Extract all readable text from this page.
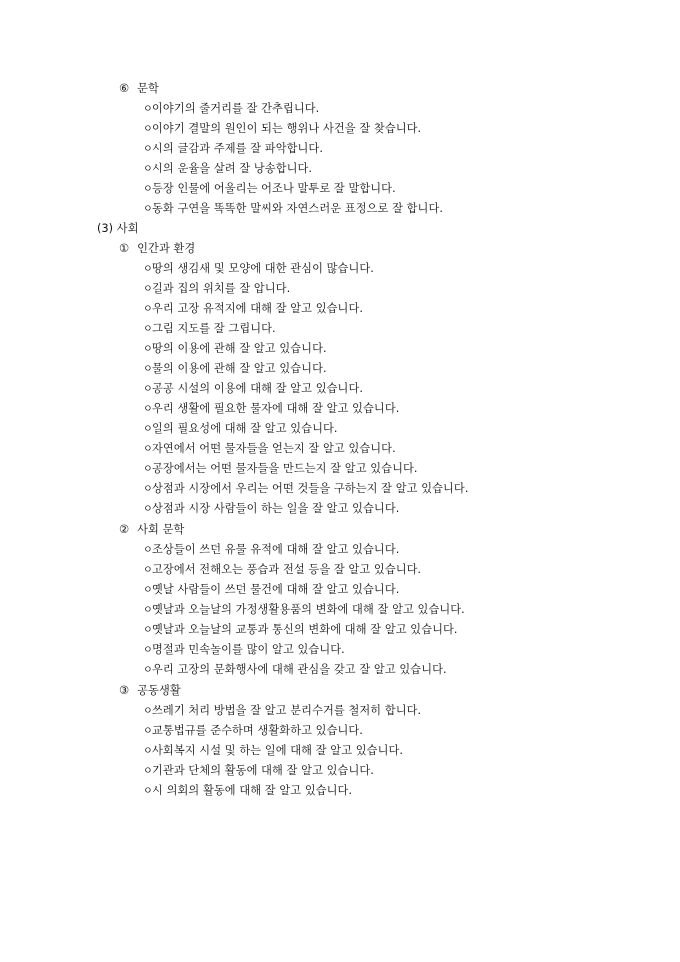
⑥ 문학
ㅇ이야기의 줄거리를 잘 간추립니다.
ㅇ이야기 결말의 원인이 되는 행위나 사건을 잘 찾습니다.
ㅇ시의 글감과 주제를 잘 파악합니다.
ㅇ시의 운율을 살려 잘 낭송합니다.
ㅇ등장 인물에 어울리는 어조나 말투로 잘 말합니다.
ㅇ동화 구연을 똑똑한 말씨와 자연스러운 표정으로 잘 합니다.
(3) 사회
① 인간과 환경
ㅇ땅의 생김새 및 모양에 대한 관심이 많습니다.
ㅇ길과 집의 위치를 잘 압니다.
ㅇ우리 고장 유적지에 대해 잘 알고 있습니다.
ㅇ그림 지도를 잘 그립니다.
ㅇ땅의 이용에 관해 잘 알고 있습니다.
ㅇ물의 이용에 관해 잘 알고 있습니다.
ㅇ공공 시설의 이용에 대해 잘 알고 있습니다.
ㅇ우리 생활에 필요한 물자에 대해 잘 알고 있습니다.
ㅇ일의 필요성에 대해 잘 알고 있습니다.
ㅇ자연에서 어떤 물자들을 얻는지 잘 알고 있습니다.
ㅇ공장에서는 어떤 물자들을 만드는지 잘 알고 있습니다.
ㅇ상점과 시장에서 우리는 어떤 것들을 구하는지 잘 알고 있습니다.
ㅇ상점과 시장 사람들이 하는 일을 잘 알고 있습니다.
② 사회 문학
ㅇ조상들이 쓰던 유물 유적에 대해 잘 알고 있습니다.
ㅇ고장에서 전해오는 풍습과 전설 등을 잘 알고 있습니다.
ㅇ옛날 사람들이 쓰던 물건에 대해 잘 알고 있습니다.
ㅇ옛날과 오늘날의 가정생활용품의 변화에 대해 잘 알고 있습니다.
ㅇ옛날과 오늘날의 교통과 통신의 변화에 대해 잘 알고 있습니다.
ㅇ명절과 민속놀이를 많이 알고 있습니다.
ㅇ우리 고장의 문화행사에 대해 관심을 갖고 잘 알고 있습니다.
③ 공동생활
ㅇ쓰레기 처리 방법을 잘 알고 분리수거를 철저히 합니다.
ㅇ교통법규를 준수하며 생활화하고 있습니다.
ㅇ사회복지 시설 및 하는 일에 대해 잘 알고 있습니다.
ㅇ기관과 단체의 활동에 대해 잘 알고 있습니다.
ㅇ시 의회의 활동에 대해 잘 알고 있습니다.
